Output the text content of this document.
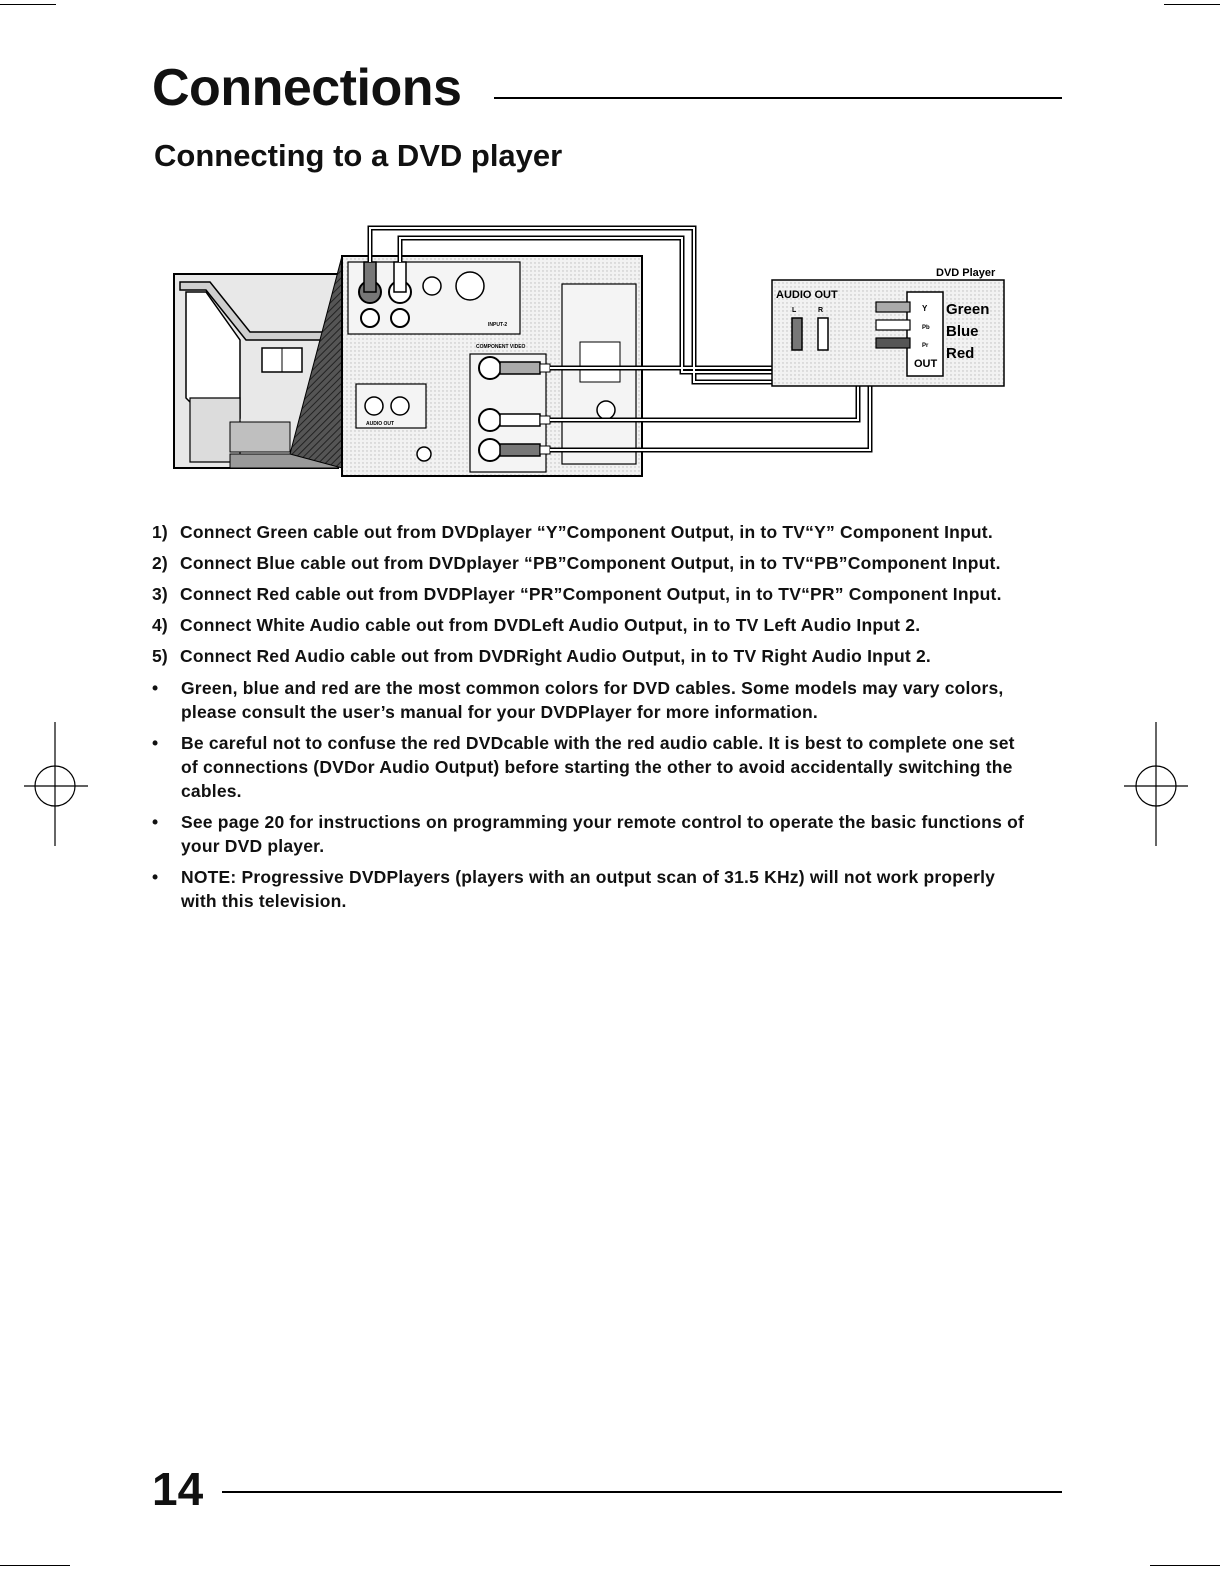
Connections
Connecting to a DVD player
INPUT-2
COMPONENT VIDEO
AUDIO OUT
DVD Player
AUDIO OUT
L	R	Y
Pb
Pr
OUT
Green
Blue
Red
1) Connect Green cable out from DVDplayer “Y”Component Output, in to TV“Y” Component Input.
2) Connect Blue cable out from DVDplayer “PB”Component Output, in to TV“PB”Component Input.
3) Connect Red cable out from DVDPlayer “PR”Component Output, in to TV“PR” Component Input.
4) Connect White Audio cable out from DVDLeft Audio Output, in to TV Left Audio Input 2.
5) Connect Red Audio cable out from DVDRight Audio Output, in to TV Right Audio Input 2.
•	Green, blue and red are the most common colors for DVD cables. Some models may vary colors, please consult the user’s manual for your DVDPlayer for more information.
•	Be careful not to confuse the red DVDcable with the red audio cable. It is best to complete one set of connections (DVDor Audio Output) before starting the other to avoid accidentally switching the cables.
•	See page 20 for instructions on programming your remote control to operate the basic functions of your DVD player.
•	NOTE: Progressive DVDPlayers (players with an output scan of 31.5 KHz) will not work properly with this television.
14
